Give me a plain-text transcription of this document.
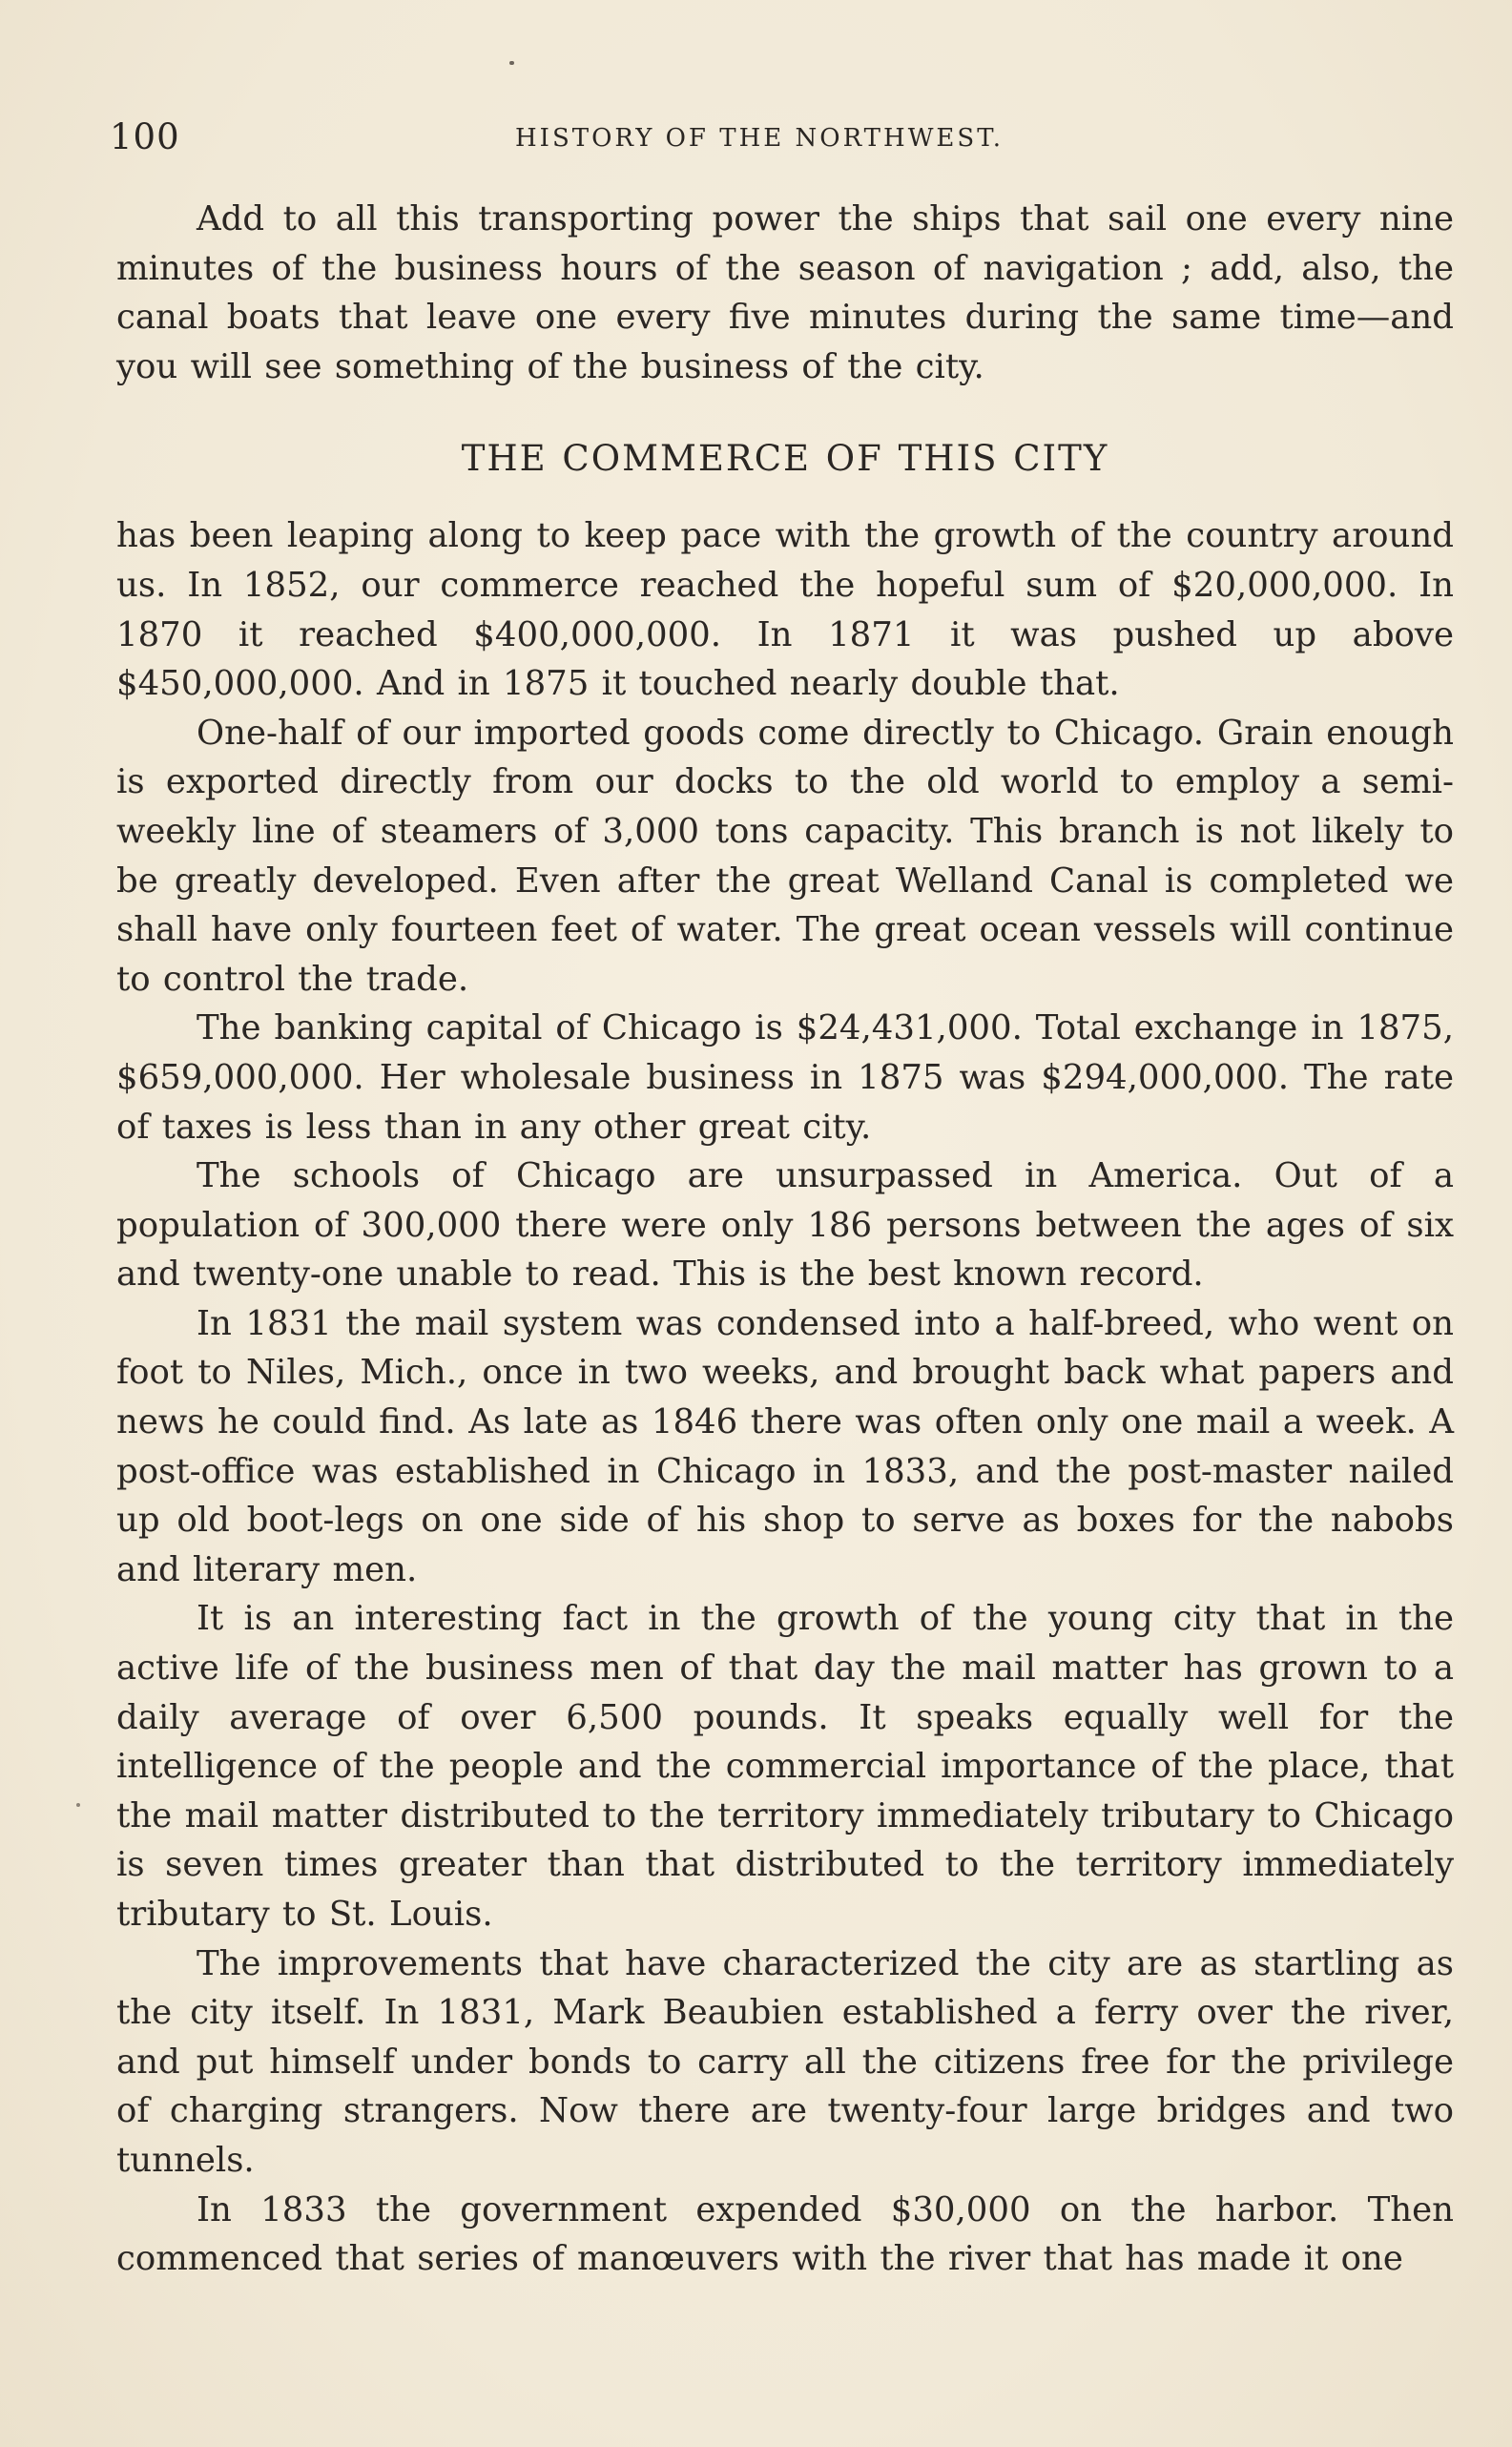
100	HISTORY OF THE NORTHWEST.

Add to all this transporting power the ships that sail one every nine minutes of the business hours of the season of navigation ; add, also, the canal boats that leave one every five minutes during the same time—and you will see something of the business of the city.

THE COMMERCE OF THIS CITY

has been leaping along to keep pace with the growth of the country around us. In 1852, our commerce reached the hopeful sum of $20,000,000. In 1870 it reached $400,000,000. In 1871 it was pushed up above $450,000,000. And in 1875 it touched nearly double that.

One-half of our imported goods come directly to Chicago. Grain enough is exported directly from our docks to the old world to employ a semi-weekly line of steamers of 3,000 tons capacity. This branch is not likely to be greatly developed. Even after the great Welland Canal is completed we shall have only fourteen feet of water. The great ocean vessels will continue to control the trade.

The banking capital of Chicago is $24,431,000. Total exchange in 1875, $659,000,000. Her wholesale business in 1875 was $294,000,000. The rate of taxes is less than in any other great city.

The schools of Chicago are unsurpassed in America. Out of a population of 300,000 there were only 186 persons between the ages of six and twenty-one unable to read. This is the best known record.

In 1831 the mail system was condensed into a half-breed, who went on foot to Niles, Mich., once in two weeks, and brought back what papers and news he could find. As late as 1846 there was often only one mail a week. A post-office was established in Chicago in 1833, and the post-master nailed up old boot-legs on one side of his shop to serve as boxes for the nabobs and literary men.

It is an interesting fact in the growth of the young city that in the active life of the business men of that day the mail matter has grown to a daily average of over 6,500 pounds. It speaks equally well for the intelligence of the people and the commercial importance of the place, that the mail matter distributed to the territory immediately tributary to Chicago is seven times greater than that distributed to the territory immediately tributary to St. Louis.

The improvements that have characterized the city are as startling as the city itself. In 1831, Mark Beaubien established a ferry over the river, and put himself under bonds to carry all the citizens free for the privilege of charging strangers. Now there are twenty-four large bridges and two tunnels.

In 1833 the government expended $30,000 on the harbor. Then commenced that series of manœuvers with the river that has made it one
